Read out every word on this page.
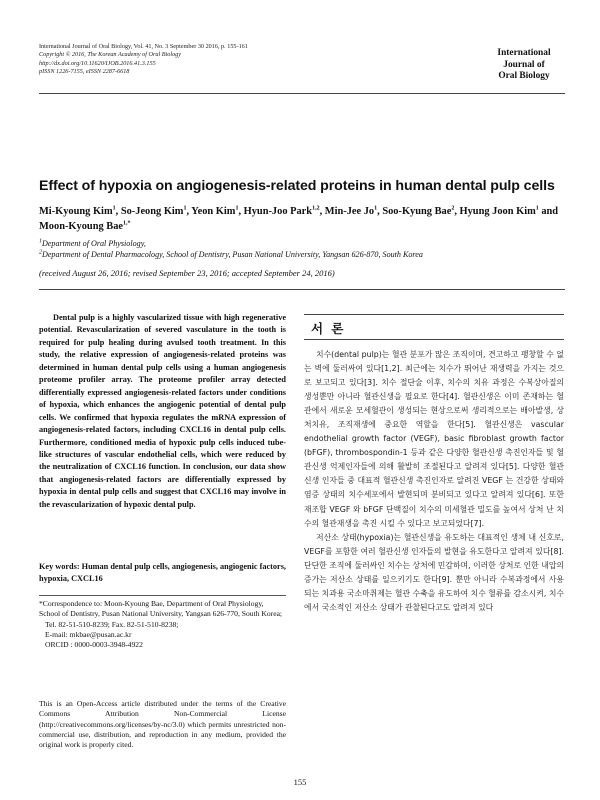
International Journal of Oral Biology, Vol. 41, No. 3 September 30 2016, p. 155-161
Copyright © 2016, The Korean Academy of Oral Biology
http://dx.doi.org/10.11620/IJOB.2016.41.3.155
pISSN 1226-7155, eISSN 2287-6618
International
Journal of
Oral Biology
Effect of hypoxia on angiogenesis-related proteins in human dental pulp cells
Mi-Kyoung Kim$^1$, So-Jeong Kim$^1$, Yeon Kim$^1$, Hyun-Joo Park$^{1,2}$, Min-Jee Jo$^1$, Soo-Kyung Bae$^2$, Hyung Joon Kim$^1$ and Moon-Kyoung Bae$^{1,*}$
$^1$Department of Oral Physiology,
$^2$Department of Dental Pharmacology, School of Dentistry, Pusan National University, Yangsan 626-870, South Korea
(received August 26, 2016; revised September 23, 2016; accepted September 24, 2016)
Dental pulp is a highly vascularized tissue with high regenerative potential. Revascularization of severed vasculature in the tooth is required for pulp healing during avulsed tooth treatment. In this study, the relative expression of angiogenesis-related proteins was determined in human dental pulp cells using a human angiogenesis proteome profiler array. The proteome profiler array detected differentially expressed angiogenesis-related factors under conditions of hypoxia, which enhances the angiogenic potential of dental pulp cells. We confirmed that hypoxia regulates the mRNA expression of angiogenesis-related factors, including CXCL16 in dental pulp cells. Furthermore, conditioned media of hypoxic pulp cells induced tube-like structures of vascular endothelial cells, which were reduced by the neutralization of CXCL16 function. In conclusion, our data show that angiogenesis-related factors are differentially expressed by hypoxia in dental pulp cells and suggest that CXCL16 may involve in the revascularization of hypoxic dental pulp.
Key words: Human dental pulp cells, angiogenesis, angiogenic factors, hypoxia, CXCL16
*Correspondence to: Moon-Kyoung Bae, Department of Oral Physiology, School of Dentistry, Pusan National University, Yangsan 626-770, South Korea;
Tel. 82-51-510-8239; Fax. 82-51-510-8238;
E-mail: mkbae@pusan.ac.kr
ORCID : 0000-0003-3948-4922
This is an Open-Access article distributed under the terms of the Creative Commons Attribution Non-Commercial License (http://creativecommons.org/licenses/by-nc/3.0) which permits unrestricted non-commercial use, distribution, and reproduction in any medium, provided the original work is properly cited.
서 론

치수(dental pulp)는 혈관 분포가 많은 조직이며, 견고하고 팽창할 수 없는 벽에 둘러싸여 있다[1,2]. 최근에는 치수가 뛰어난 재생력을 가지는 것으로 보고되고 있다[3]. 치수 절단술 이후, 치수의 치유 과정은 수복상아질의 생성뿐만 아니라 혈관신생을 필요로 한다[4]. 혈관신생은 이미 존재하는 혈관에서 새로운 모세혈관이 생성되는 현상으로써 생리적으로는 배아발생, 상처치유, 조직재생에 중요한 역할을 한다[5]. 혈관신생은 vascular endothelial growth factor (VEGF), basic fibroblast growth factor (bFGF), thrombospondin-1 등과 같은 다양한 혈관신생 촉진인자들 및 혈관신생 억제인자들에 의해 활발히 조절된다고 알려져 있다[5]. 다양한 혈관신생 인자들 중 대표적 혈관신생 촉진인자로 알려진 VEGF 는 건강한 상태와 염증 상태의 치수세포에서 발현되며 분비되고 있다고 알려져 있다[6]. 또한 재조합 VEGF 와 bFGF 단백질이 치수의 미세혈관 밀도를 높여서 상처 난 치수의 혈관재생을 촉진 시킬 수 있다고 보고되었다[7].

저산소 상태(hypoxia)는 혈관신생을 유도하는 대표적인 생체 내 신호로, VEGF를 포함한 여러 혈관신생 인자들의 발현을 유도한다고 알려져 있다[8]. 단단한 조직에 둘러싸인 치수는 상처에 민감하며, 이러한 상처로 인한 내압의 증가는 저산소 상태를 일으키기도 한다[9]. 뿐만 아니라 수복과정에서 사용되는 치과용 국소마취제는 혈관 수축을 유도하여 치수 혈류를 감소시켜, 치수에서 국소적인 저산소 상태가 관찰된다고도 알려져 있다

155
